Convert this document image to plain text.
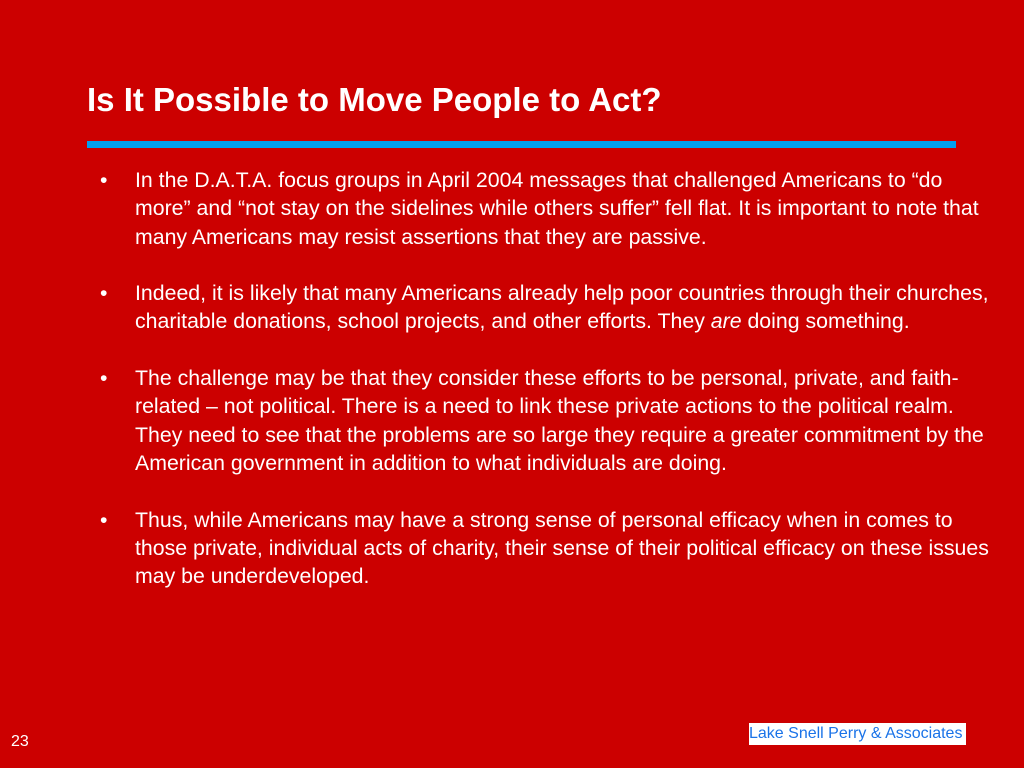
Is It Possible to Move People to Act?
• In the D.A.T.A. focus groups in April 2004 messages that challenged Americans to “do more” and “not stay on the sidelines while others suffer” fell flat. It is important to note that many Americans may resist assertions that they are passive.
• Indeed, it is likely that many Americans already help poor countries through their churches, charitable donations, school projects, and other efforts. They are doing something.
• The challenge may be that they consider these efforts to be personal, private, and faith-related – not political. There is a need to link these private actions to the political realm. They need to see that the problems are so large they require a greater commitment by the American government in addition to what individuals are doing.
• Thus, while Americans may have a strong sense of personal efficacy when in comes to those private, individual acts of charity, their sense of their political efficacy on these issues may be underdeveloped.
23	Lake Snell Perry & Associates
